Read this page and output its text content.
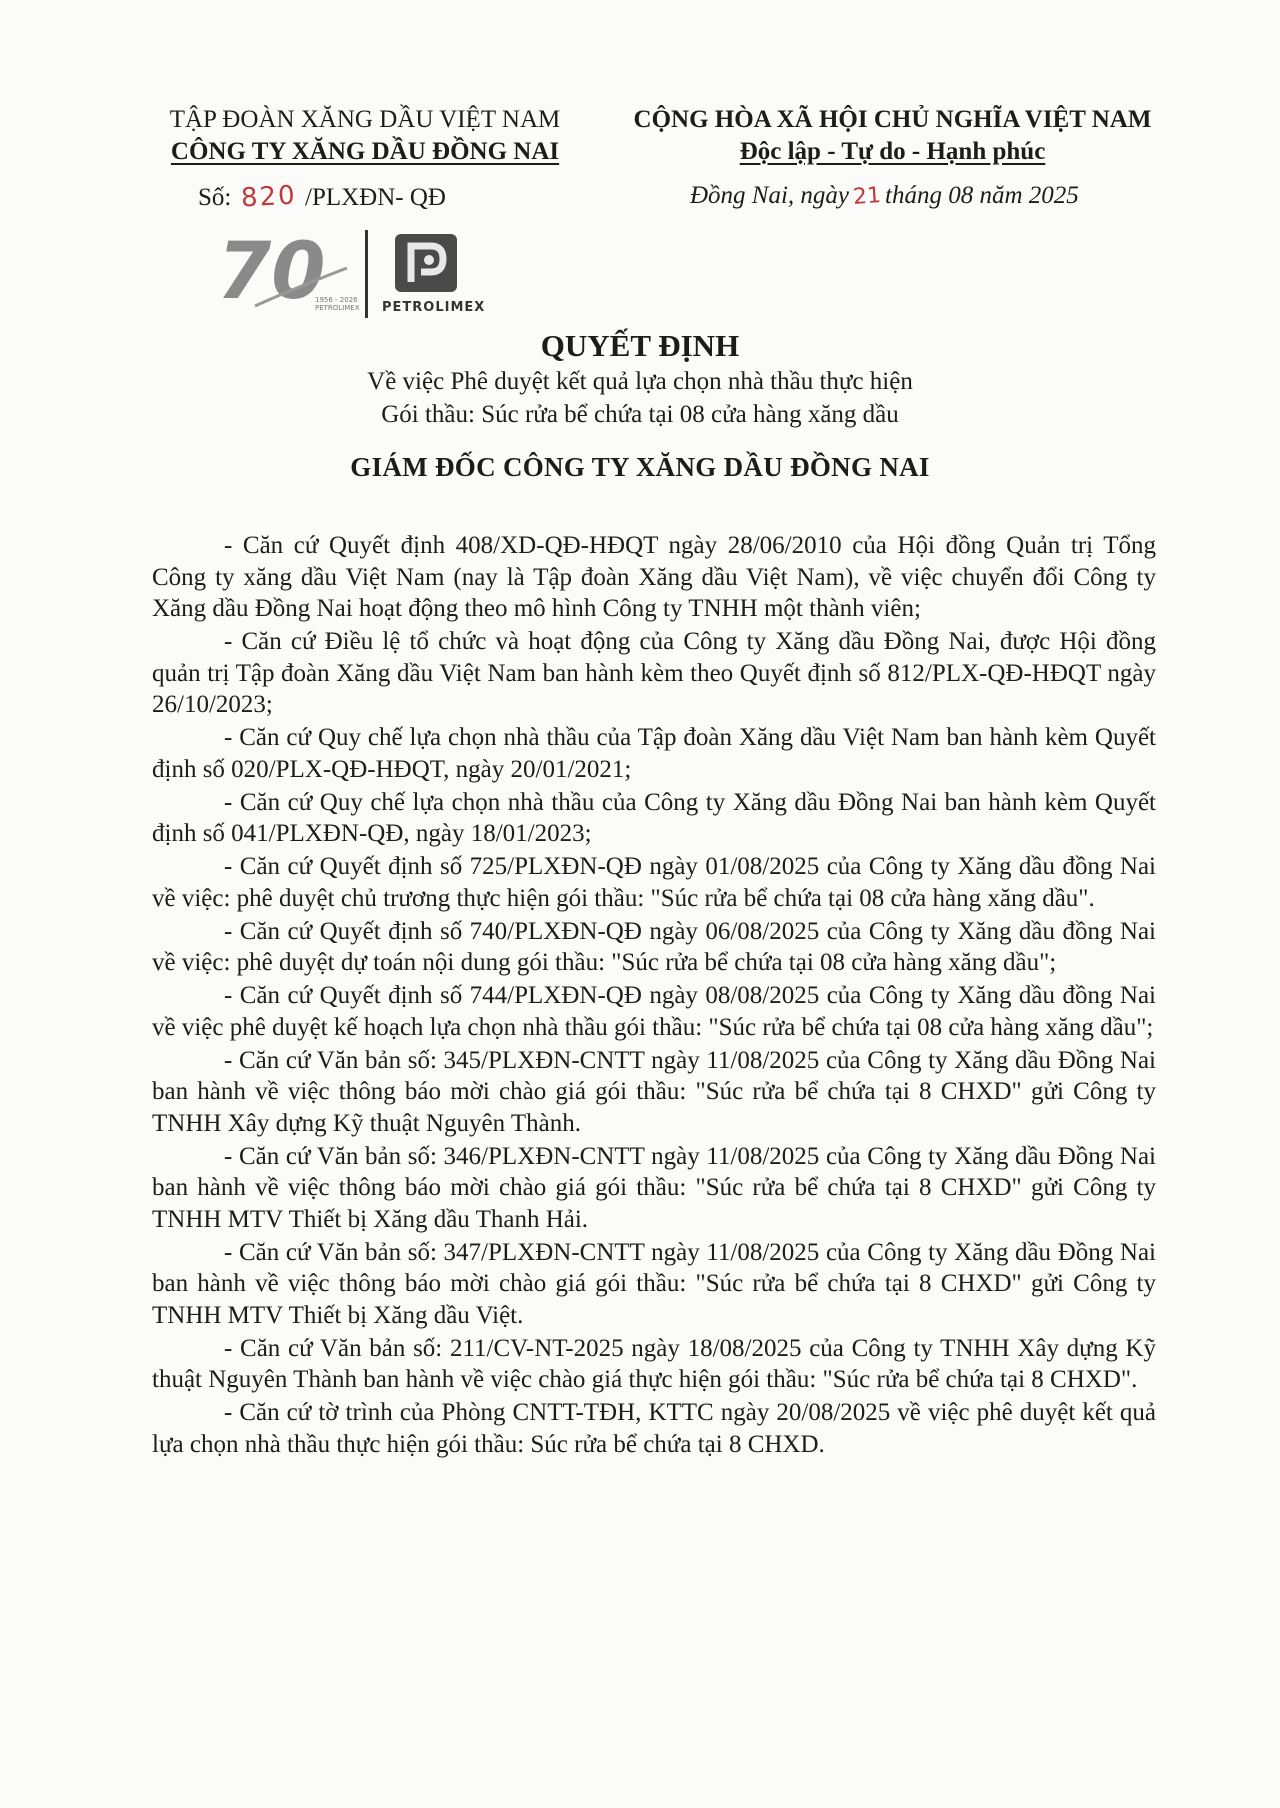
TẬP ĐOÀN XĂNG DẦU VIỆT NAM
CÔNG TY XĂNG DẦU ĐỒNG NAI
CỘNG HÒA XÃ HỘI CHỦ NGHĨA VIỆT NAM
Độc lập - Tự do - Hạnh phúc
Số: 820 /PLXĐN- QĐ	Đồng Nai, ngày 21 tháng 08 năm 2025
70
1956 - 2026
PETROLIMEX PETROLIMEX
QUYẾT ĐỊNH
Về việc Phê duyệt kết quả lựa chọn nhà thầu thực hiện
Gói thầu: Súc rửa bể chứa tại 08 cửa hàng xăng dầu
GIÁM ĐỐC CÔNG TY XĂNG DẦU ĐỒNG NAI

- Căn cứ Quyết định 408/XD-QĐ-HĐQT ngày 28/06/2010 của Hội đồng Quản trị Tổng Công ty xăng dầu Việt Nam (nay là Tập đoàn Xăng dầu Việt Nam), về việc chuyển đổi Công ty Xăng dầu Đồng Nai hoạt động theo mô hình Công ty TNHH một thành viên;

- Căn cứ Điều lệ tổ chức và hoạt động của Công ty Xăng dầu Đồng Nai, được Hội đồng quản trị Tập đoàn Xăng dầu Việt Nam ban hành kèm theo Quyết định số 812/PLX-QĐ-HĐQT ngày 26/10/2023;

- Căn cứ Quy chế lựa chọn nhà thầu của Tập đoàn Xăng dầu Việt Nam ban hành kèm Quyết định số 020/PLX-QĐ-HĐQT, ngày 20/01/2021;

- Căn cứ Quy chế lựa chọn nhà thầu của Công ty Xăng dầu Đồng Nai ban hành kèm Quyết định số 041/PLXĐN-QĐ, ngày 18/01/2023;

- Căn cứ Quyết định số 725/PLXĐN-QĐ ngày 01/08/2025 của Công ty Xăng dầu đồng Nai về việc: phê duyệt chủ trương thực hiện gói thầu: "Súc rửa bể chứa tại 08 cửa hàng xăng dầu".

- Căn cứ Quyết định số 740/PLXĐN-QĐ ngày 06/08/2025 của Công ty Xăng dầu đồng Nai về việc: phê duyệt dự toán nội dung gói thầu: "Súc rửa bể chứa tại 08 cửa hàng xăng dầu";

- Căn cứ Quyết định số 744/PLXĐN-QĐ ngày 08/08/2025 của Công ty Xăng dầu đồng Nai về việc phê duyệt kế hoạch lựa chọn nhà thầu gói thầu: "Súc rửa bể chứa tại 08 cửa hàng xăng dầu";

- Căn cứ Văn bản số: 345/PLXĐN-CNTT ngày 11/08/2025 của Công ty Xăng dầu Đồng Nai ban hành về việc thông báo mời chào giá gói thầu: "Súc rửa bể chứa tại 8 CHXD" gửi Công ty TNHH Xây dựng Kỹ thuật Nguyên Thành.

- Căn cứ Văn bản số: 346/PLXĐN-CNTT ngày 11/08/2025 của Công ty Xăng dầu Đồng Nai ban hành về việc thông báo mời chào giá gói thầu: "Súc rửa bể chứa tại 8 CHXD" gửi Công ty TNHH MTV Thiết bị Xăng dầu Thanh Hải.

- Căn cứ Văn bản số: 347/PLXĐN-CNTT ngày 11/08/2025 của Công ty Xăng dầu Đồng Nai ban hành về việc thông báo mời chào giá gói thầu: "Súc rửa bể chứa tại 8 CHXD" gửi Công ty TNHH MTV Thiết bị Xăng dầu Việt.

- Căn cứ Văn bản số: 211/CV-NT-2025 ngày 18/08/2025 của Công ty TNHH Xây dựng Kỹ thuật Nguyên Thành ban hành về việc chào giá thực hiện gói thầu: "Súc rửa bể chứa tại 8 CHXD".

- Căn cứ tờ trình của Phòng CNTT-TĐH, KTTC ngày 20/08/2025 về việc phê duyệt kết quả lựa chọn nhà thầu thực hiện gói thầu: Súc rửa bể chứa tại 8 CHXD.
